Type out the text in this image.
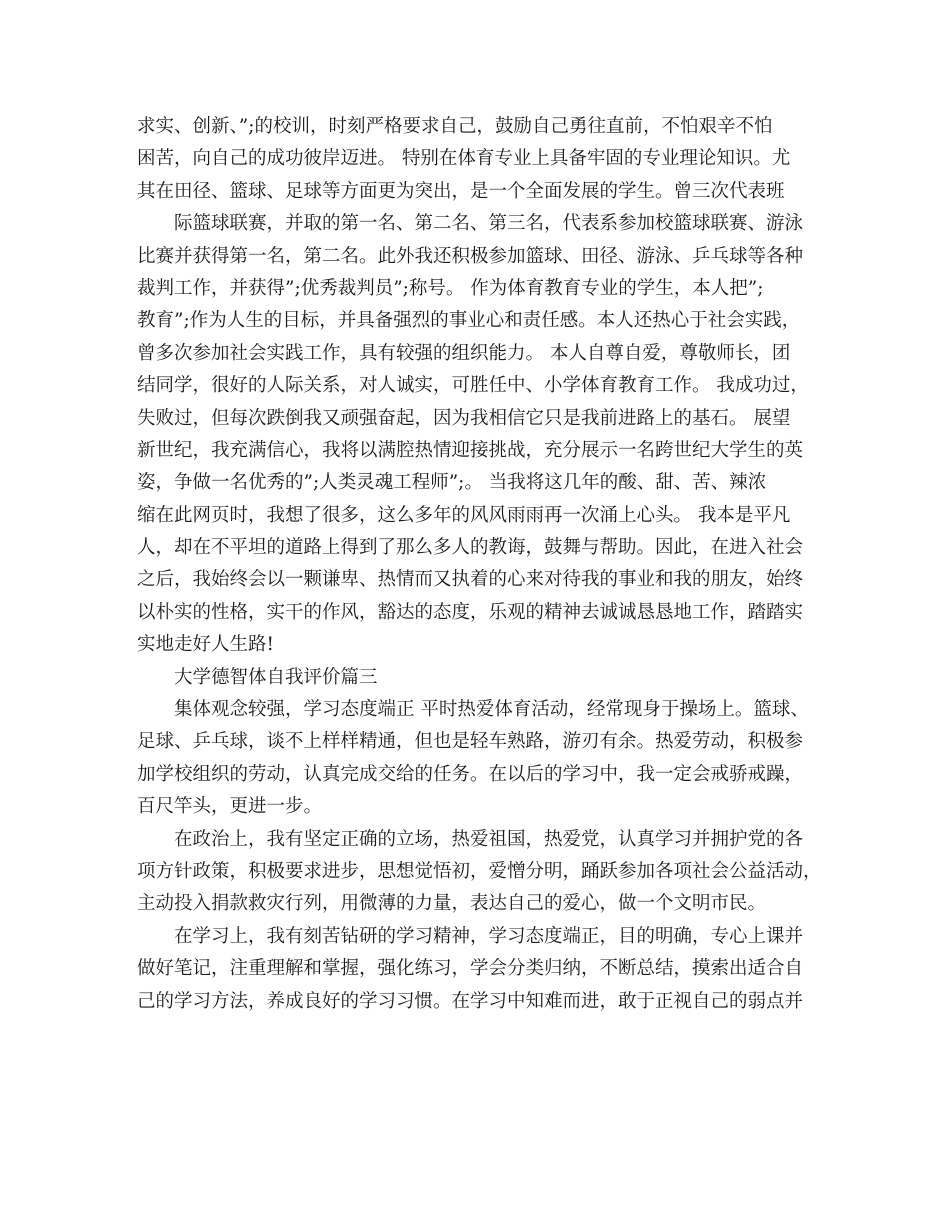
求实、创新、”;的校训，时刻严格要求自己，鼓励自己勇往直前，不怕艰辛不怕
困苦，向自己的成功彼岸迈进。 特别在体育专业上具备牢固的专业理论知识。尤
其在田径、篮球、足球等方面更为突出，是一个全面发展的学生。曾三次代表班
际篮球联赛，并取的第一名、第二名、第三名，代表系参加校篮球联赛、游泳
比赛并获得第一名，第二名。此外我还积极参加篮球、田径、游泳、乒乓球等各种
裁判工作，并获得”;优秀裁判员”;称号。 作为体育教育专业的学生，本人把”;
教育”;作为人生的目标，并具备强烈的事业心和责任感。本人还热心于社会实践，
曾多次参加社会实践工作，具有较强的组织能力。 本人自尊自爱，尊敬师长，团
结同学，很好的人际关系，对人诚实，可胜任中、小学体育教育工作。 我成功过，
失败过，但每次跌倒我又顽强奋起，因为我相信它只是我前进路上的基石。 展望
新世纪，我充满信心，我将以满腔热情迎接挑战，充分展示一名跨世纪大学生的英
姿，争做一名优秀的”;人类灵魂工程师”;。 当我将这几年的酸、甜、苦、辣浓
缩在此网页时，我想了很多，这么多年的风风雨雨再一次涌上心头。 我本是平凡
人，却在不平坦的道路上得到了那么多人的教诲，鼓舞与帮助。因此，在进入社会
之后，我始终会以一颗谦卑、热情而又执着的心来对待我的事业和我的朋友，始终
以朴实的性格，实干的作风，豁达的态度，乐观的精神去诚诚恳恳地工作，踏踏实
实地走好人生路!
大学德智体自我评价篇三
集体观念较强，学习态度端正 平时热爱体育活动，经常现身于操场上。篮球、
足球、乒乓球，谈不上样样精通，但也是轻车熟路，游刃有余。热爱劳动，积极参
加学校组织的劳动，认真完成交给的任务。在以后的学习中，我一定会戒骄戒躁，
百尺竿头，更进一步。
在政治上，我有坚定正确的立场，热爱祖国，热爱党，认真学习并拥护党的各
项方针政策，积极要求进步，思想觉悟初，爱憎分明，踊跃参加各项社会公益活动，
主动投入捐款救灾行列，用微薄的力量，表达自己的爱心，做一个文明市民。
在学习上，我有刻苦钻研的学习精神，学习态度端正，目的明确，专心上课并
做好笔记，注重理解和掌握，强化练习，学会分类归纳，不断总结，摸索出适合自
己的学习方法，养成良好的学习习惯。在学习中知难而进，敢于正视自己的弱点并
